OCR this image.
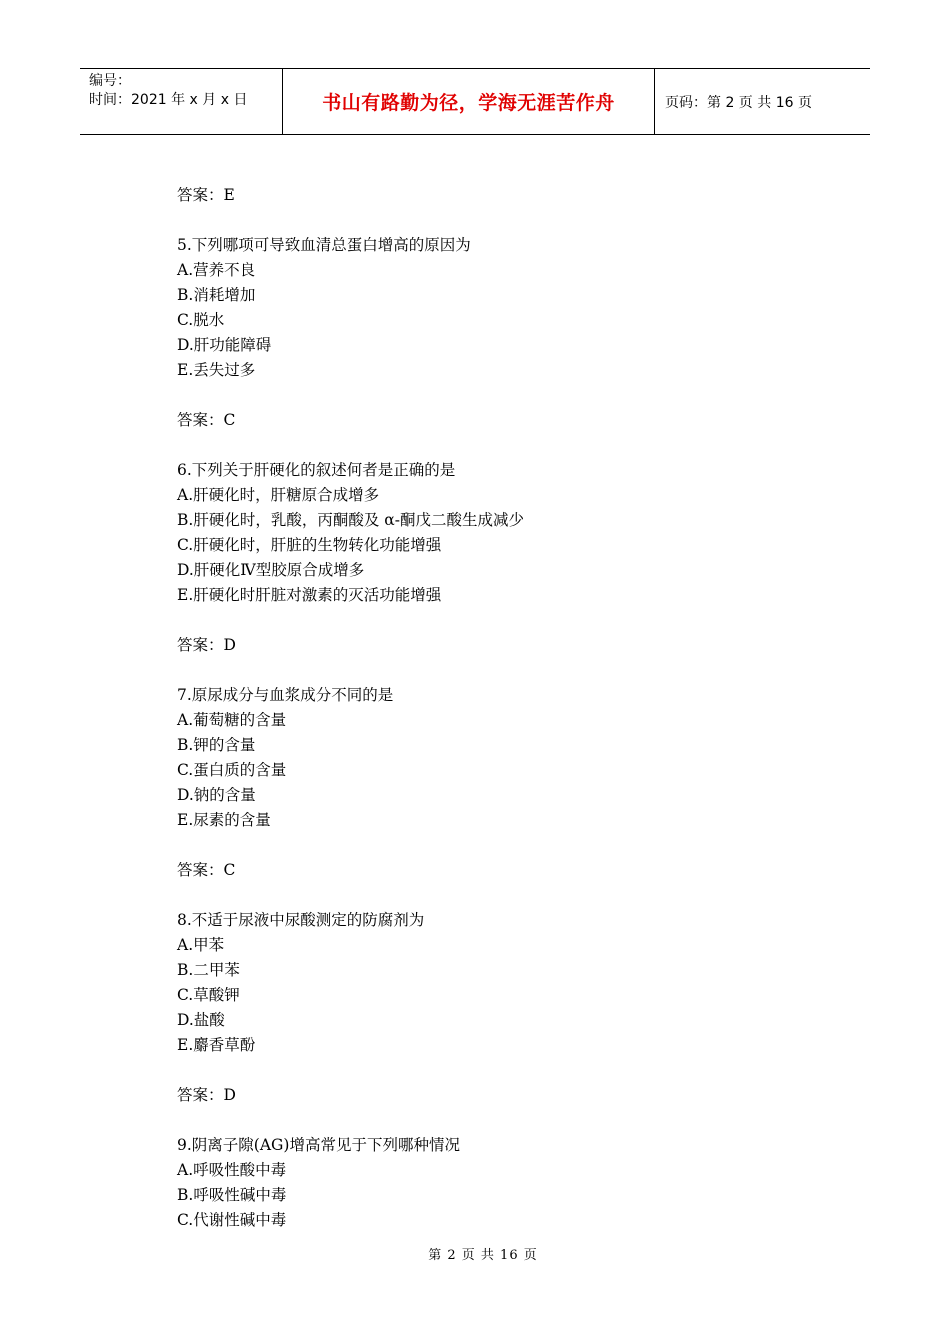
编号：
时间：2021 年 x 月 x 日	书山有路勤为径，学海无涯苦作舟	页码：第 2 页 共 16 页
答案：E
5.下列哪项可导致血清总蛋白增高的原因为
A.营养不良
B.消耗增加
C.脱水
D.肝功能障碍
E.丢失过多
答案：C
6.下列关于肝硬化的叙述何者是正确的是
A.肝硬化时，肝糖原合成增多
B.肝硬化时，乳酸，丙酮酸及 α-酮戊二酸生成减少
C.肝硬化时，肝脏的生物转化功能增强
D.肝硬化Ⅳ型胶原合成增多
E.肝硬化时肝脏对激素的灭活功能增强
答案：D
7.原尿成分与血浆成分不同的是
A.葡萄糖的含量
B.钾的含量
C.蛋白质的含量
D.钠的含量
E.尿素的含量
答案：C
8.不适于尿液中尿酸测定的防腐剂为
A.甲苯
B.二甲苯
C.草酸钾
D.盐酸
E.麝香草酚
答案：D
9.阴离子隙(AG)增高常见于下列哪种情况
A.呼吸性酸中毒
B.呼吸性碱中毒
C.代谢性碱中毒
第 2 页 共 16 页
